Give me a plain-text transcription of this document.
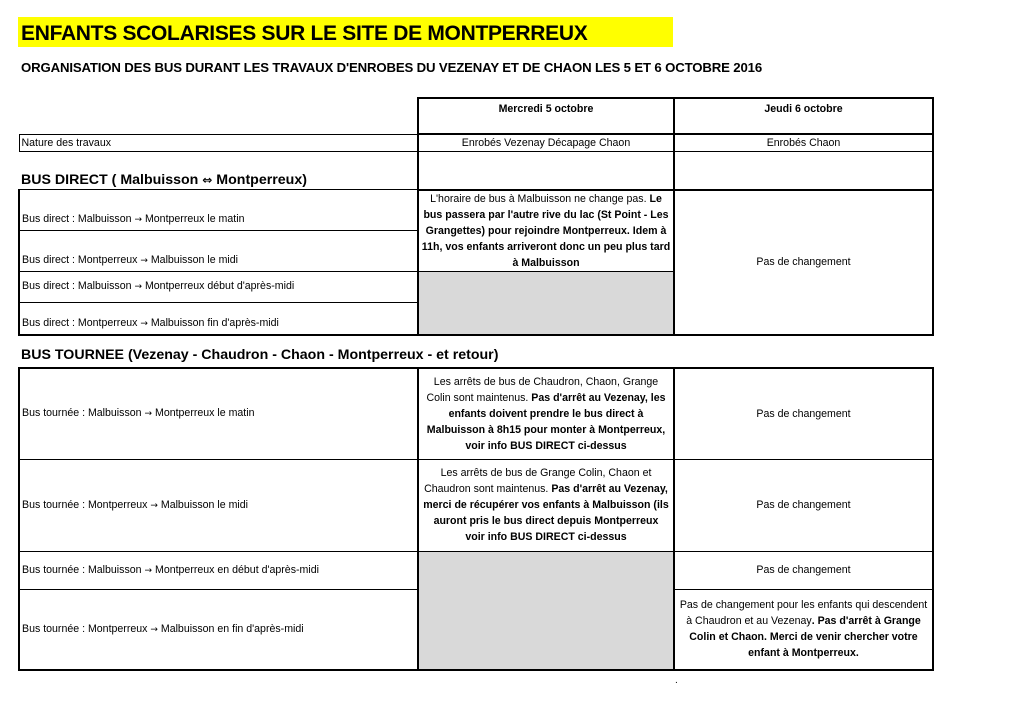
ENFANTS SCOLARISES SUR LE SITE DE MONTPERREUX
ORGANISATION DES BUS DURANT LES TRAVAUX D'ENROBES DU VEZENAY ET DE CHAON LES 5 ET 6 OCTOBRE 2016
	Mercredi 5 octobre	Jeudi 6 octobre
Nature des travaux	Enrobés Vezenay Décapage Chaon	Enrobés Chaon
BUS DIRECT ( Malbuisson ⇔ Montperreux)		
Bus direct : Malbuisson → Montperreux le matin	L'horaire de bus à Malbuisson ne change pas. Le bus passera par l'autre rive du lac (St Point - Les Grangettes) pour rejoindre Montperreux. Idem à 11h, vos enfants arriveront donc un peu plus tard à Malbuisson	Pas de changement
Bus direct : Montperreux → Malbuisson le midi		
Bus direct : Malbuisson → Montperreux début d'après-midi		
Bus direct : Montperreux → Malbuisson fin d'après-midi		
BUS TOURNEE (Vezenay - Chaudron - Chaon - Montperreux - et retour)
Bus tournée : Malbuisson → Montperreux le matin	Les arrêts de bus de Chaudron, Chaon, Grange Colin sont maintenus. Pas d'arrêt au Vezenay, les enfants doivent prendre le bus direct à Malbuisson à 8h15 pour monter à Montperreux, voir info BUS DIRECT ci-dessus	Pas de changement
Bus tournée : Montperreux → Malbuisson le midi	Les arrêts de bus de Grange Colin, Chaon et Chaudron sont maintenus. Pas d'arrêt au Vezenay, merci de récupérer vos enfants à Malbuisson (ils auront pris le bus direct depuis Montperreux voir info BUS DIRECT ci-dessus	Pas de changement
Bus tournée : Malbuisson → Montperreux en début d'après-midi		Pas de changement
Bus tournée : Montperreux → Malbuisson en fin d'après-midi		Pas de changement pour les enfants qui descendent à Chaudron et au Vezenay. Pas d'arrêt à Grange Colin et Chaon. Merci de venir chercher votre enfant à Montperreux.
.
